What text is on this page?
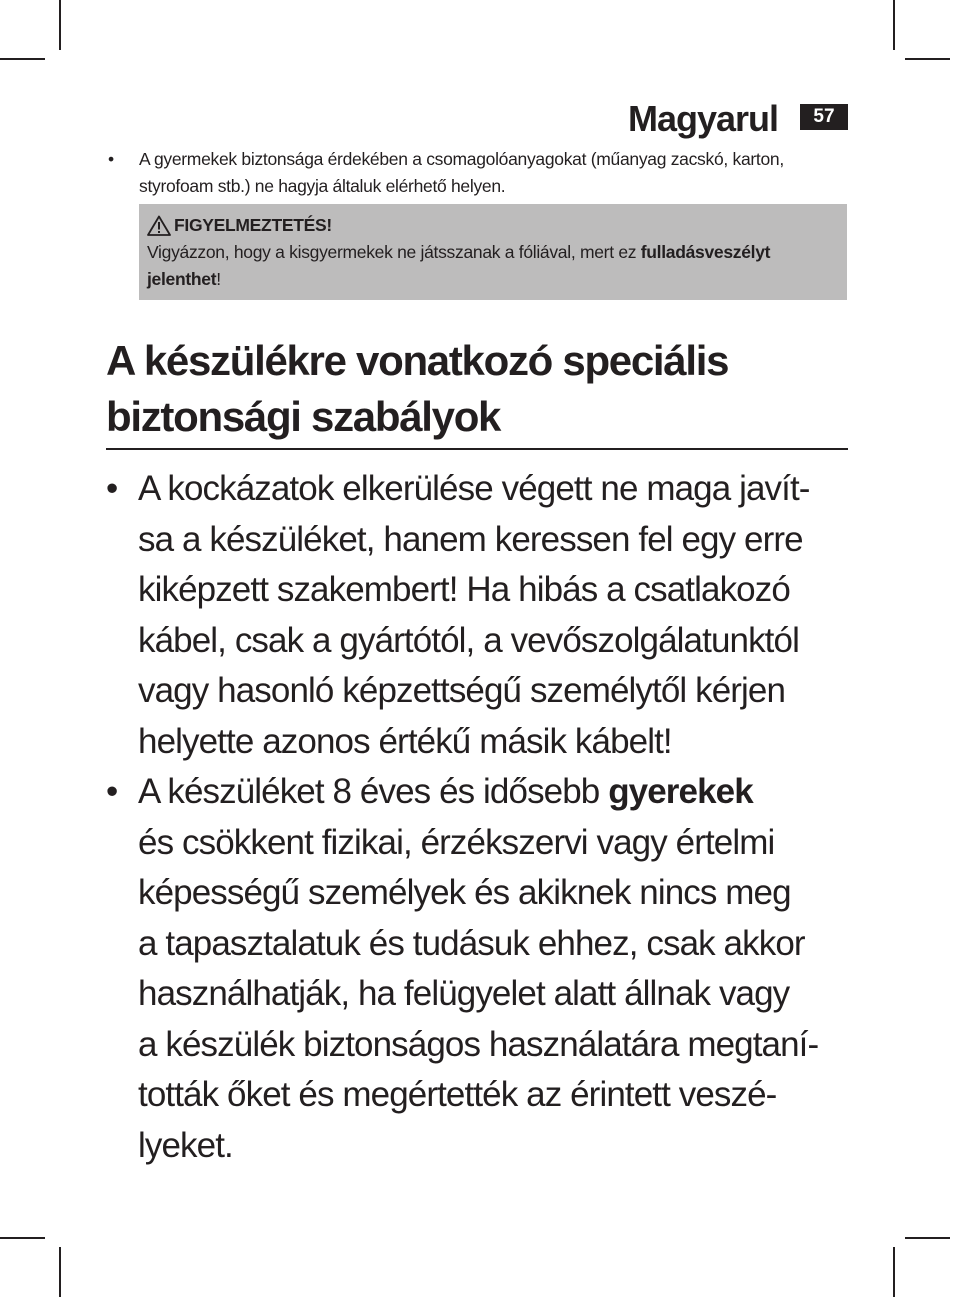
Magyarul	57
• A gyermekek biztonsága érdekében a csomagolóanyagokat (műanyag zacskó, karton, styrofoam stb.) ne hagyja általuk elérhető helyen.
FIGYELMEZTETÉS!
Vigyázzon, hogy a kisgyermekek ne játsszanak a fóliával, mert ez fulladásveszélyt jelenthet!
A készülékre vonatkozó speciális
biztonsági szabályok
• A kockázatok elkerülése végett ne maga javít-
sa a készüléket, hanem keressen fel egy erre
kiképzett szakembert! Ha hibás a csatlakozó
kábel, csak a gyártótól, a vevőszolgálatunktól
vagy hasonló képzettségű személytől kérjen
helyette azonos értékű másik kábelt!
• A készüléket 8 éves és idősebb gyerekek
és csökkent fizikai, érzékszervi vagy értelmi
képességű személyek és akiknek nincs meg
a tapasztalatuk és tudásuk ehhez, csak akkor
használhatják, ha felügyelet alatt állnak vagy
a készülék biztonságos használatára megtaní-
tották őket és megértették az érintett veszé-
lyeket.
